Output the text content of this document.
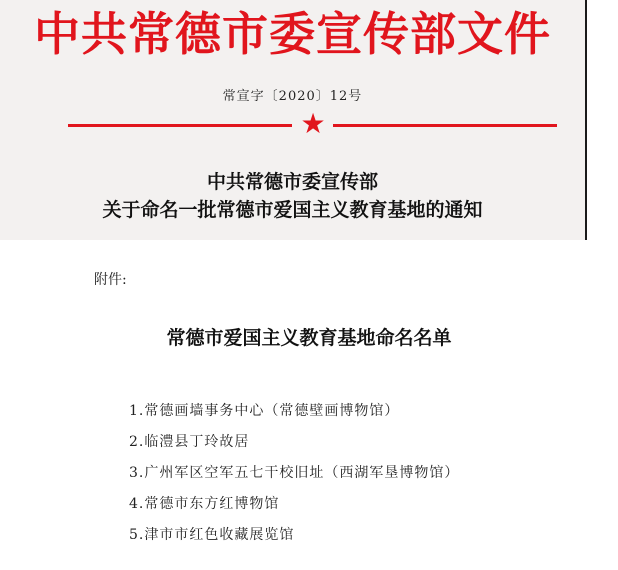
中共常德市委宣传部文件
常宣字〔2020〕12号
★
中共常德市委宣传部
关于命名一批常德市爱国主义教育基地的通知
附件:
常德市爱国主义教育基地命名名单
1.常德画墙事务中心（常德壁画博物馆）
2.临澧县丁玲故居
3.广州军区空军五七干校旧址（西湖军垦博物馆）
4.常德市东方红博物馆
5.津市市红色收藏展览馆
